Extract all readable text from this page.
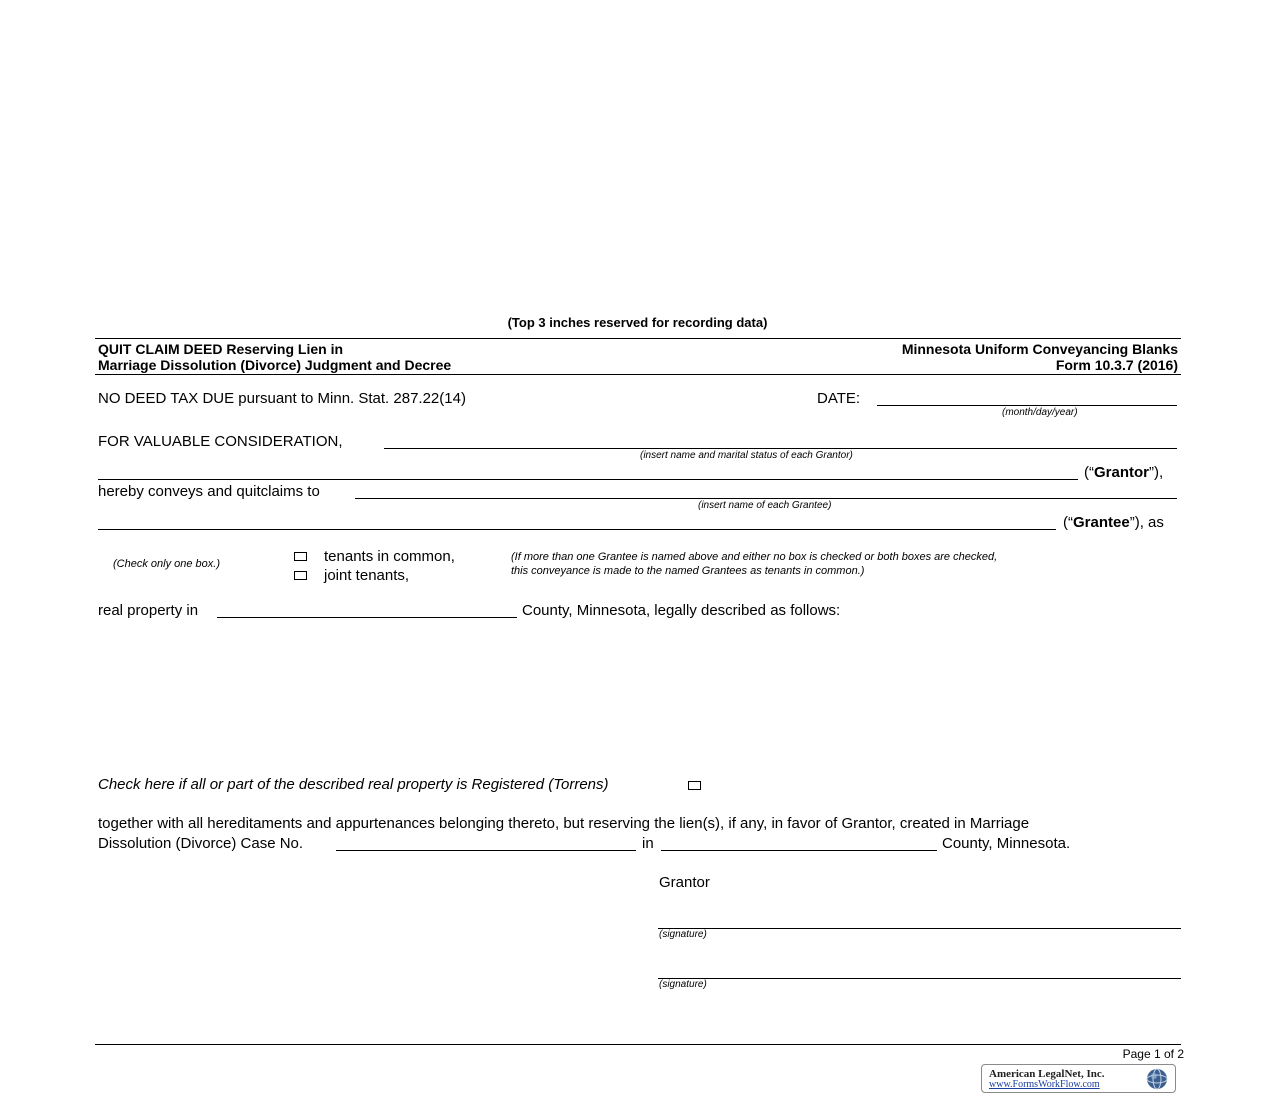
(Top 3 inches reserved for recording data)
QUIT CLAIM DEED Reserving Lien in
Marriage Dissolution (Divorce) Judgment and Decree
Minnesota Uniform Conveyancing Blanks
Form 10.3.7 (2016)
NO DEED TAX DUE pursuant to Minn. Stat. 287.22(14)	DATE:
(month/day/year)
FOR VALUABLE CONSIDERATION,
(insert name and marital status of each Grantor)
(“Grantor”),
hereby conveys and quitclaims to
(insert name of each Grantee)
(“Grantee”), as
(Check only one box.)	tenants in common,
joint tenants,
(If more than one Grantee is named above and either no box is checked or both boxes are checked,
this conveyance is made to the named Grantees as tenants in common.)
real property in	County, Minnesota, legally described as follows:
Check here if all or part of the described real property is Registered (Torrens)
together with all hereditaments and appurtenances belonging thereto, but reserving the lien(s), if any, in favor of Grantor, created in Marriage
Dissolution (Divorce) Case No.	in	County, Minnesota.
Grantor
(signature)
(signature)
Page 1 of 2
American LegalNet, Inc.
www.FormsWorkFlow.com
